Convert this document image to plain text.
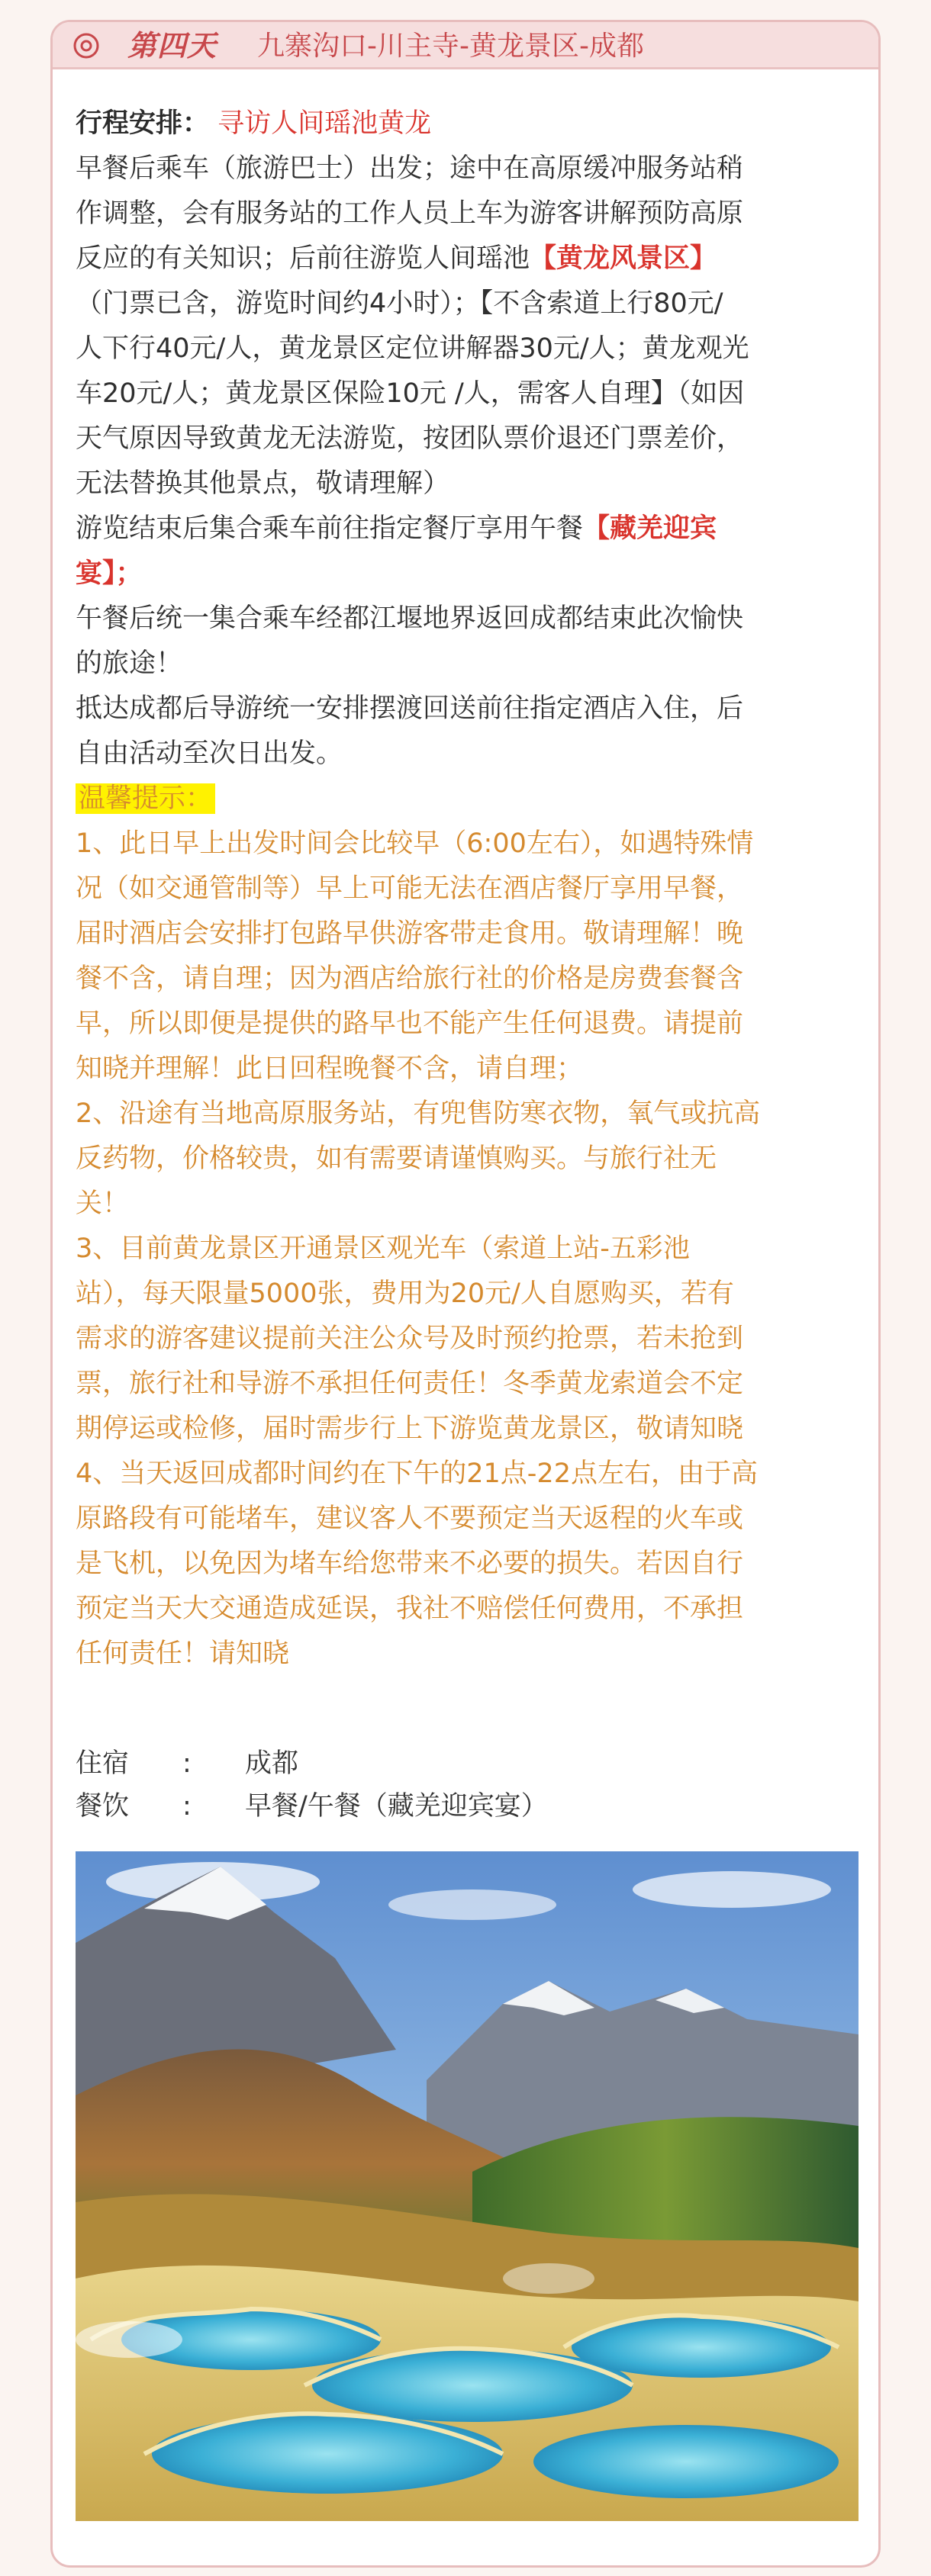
第四天 九寨沟口-川主寺-黄龙景区-成都
行程安排： 寻访人间瑶池黄龙
早餐后乘车（旅游巴士）出发；途中在高原缓冲服务站稍
作调整，会有服务站的工作人员上车为游客讲解预防高原
反应的有关知识；后前往游览人间瑶池【黄龙风景区】
（门票已含，游览时间约4小时）；【不含索道上行80元/
人下行40元/人，黄龙景区定位讲解器30元/人；黄龙观光
车20元/人；黄龙景区保险10元 /人，需客人自理】（如因
天气原因导致黄龙无法游览，按团队票价退还门票差价，
无法替换其他景点，敬请理解）
游览结束后集合乘车前往指定餐厅享用午餐【藏羌迎宾
宴】；
午餐后统一集合乘车经都江堰地界返回成都结束此次愉快
的旅途！
抵达成都后导游统一安排摆渡回送前往指定酒店入住，后
自由活动至次日出发。
温馨提示：
1、此日早上出发时间会比较早（6:00左右），如遇特殊情
况（如交通管制等）早上可能无法在酒店餐厅享用早餐，
届时酒店会安排打包路早供游客带走食用。敬请理解！晚
餐不含，请自理；因为酒店给旅行社的价格是房费套餐含
早，所以即便是提供的路早也不能产生任何退费。请提前
知晓并理解！此日回程晚餐不含，请自理；
2、沿途有当地高原服务站，有兜售防寒衣物，氧气或抗高
反药物，价格较贵，如有需要请谨慎购买。与旅行社无
关！
3、目前黄龙景区开通景区观光车（索道上站-五彩池
站），每天限量5000张，费用为20元/人自愿购买，若有
需求的游客建议提前关注公众号及时预约抢票，若未抢到
票，旅行社和导游不承担任何责任！冬季黄龙索道会不定
期停运或检修，届时需步行上下游览黄龙景区，敬请知晓
4、当天返回成都时间约在下午的21点-22点左右，由于高
原路段有可能堵车，建议客人不要预定当天返程的火车或
是飞机，以免因为堵车给您带来不必要的损失。若因自行
预定当天大交通造成延误，我社不赔偿任何费用，不承担
任何责任！请知晓
住宿 : 成都
餐饮 : 早餐/午餐（藏羌迎宾宴）
